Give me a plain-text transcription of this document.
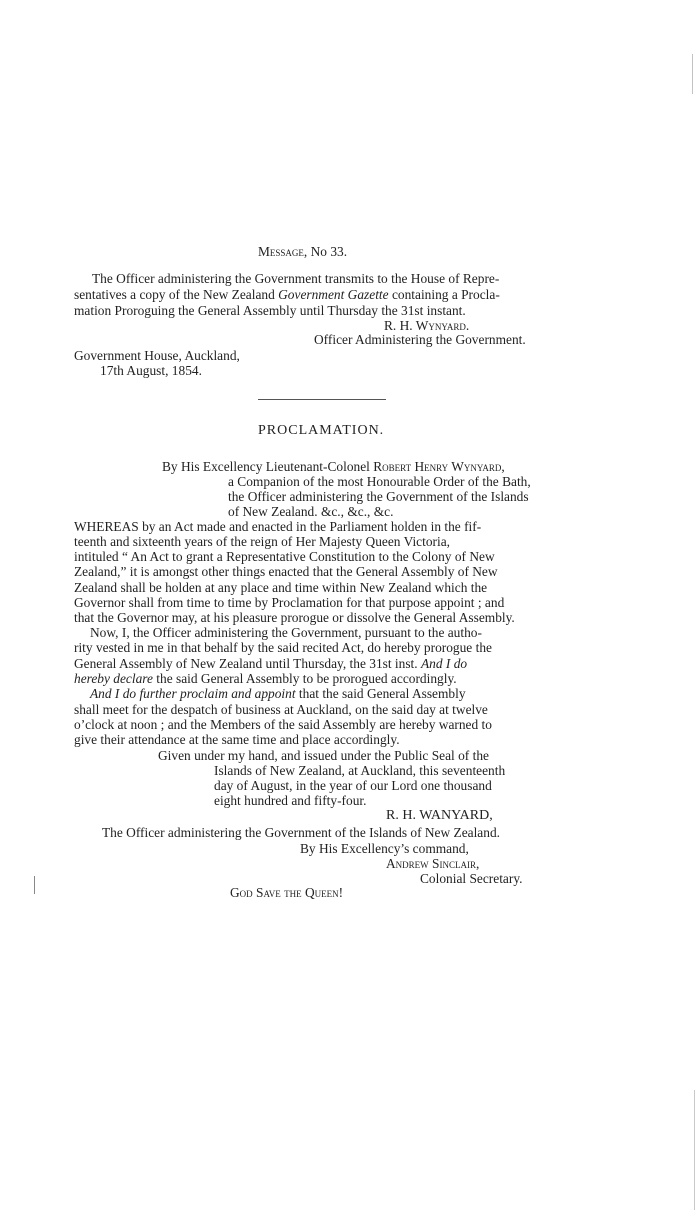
Message, No 33.
The Officer administering the Government transmits to the House of Repre-
sentatives a copy of the New Zealand Government Gazette containing a Procla-
mation Proroguing the General Assembly until Thursday the 31st instant.
R. H. Wynyard.
Officer Administering the Government.
Government House, Auckland,
17th August, 1854.
PROCLAMATION.
By His Excellency Lieutenant-Colonel Robert Henry Wynyard,
a Companion of the most Honourable Order of the Bath,
the Officer administering the Government of the Islands
of New Zealand. &c., &c., &c.
WHEREAS by an Act made and enacted in the Parliament holden in the fif-
teenth and sixteenth years of the reign of Her Majesty Queen Victoria,
intituled “ An Act to grant a Representative Constitution to the Colony of New
Zealand,” it is amongst other things enacted that the General Assembly of New
Zealand shall be holden at any place and time within New Zealand which the
Governor shall from time to time by Proclamation for that purpose appoint ; and
that the Governor may, at his pleasure prorogue or dissolve the General Assembly.
Now, I, the Officer administering the Government, pursuant to the autho-
rity vested in me in that behalf by the said recited Act, do hereby prorogue the
General Assembly of New Zealand until Thursday, the 31st inst. And I do
hereby declare the said General Assembly to be prorogued accordingly.
And I do further proclaim and appoint that the said General Assembly
shall meet for the despatch of business at Auckland, on the said day at twelve
o’clock at noon ; and the Members of the said Assembly are hereby warned to
give their attendance at the same time and place accordingly.
Given under my hand, and issued under the Public Seal of the
Islands of New Zealand, at Auckland, this seventeenth
day of August, in the year of our Lord one thousand
eight hundred and fifty-four.
R. H. WANYARD,
The Officer administering the Government of the Islands of New Zealand.
By His Excellency’s command,
Andrew Sinclair,
Colonial Secretary.
God Save the Queen!
